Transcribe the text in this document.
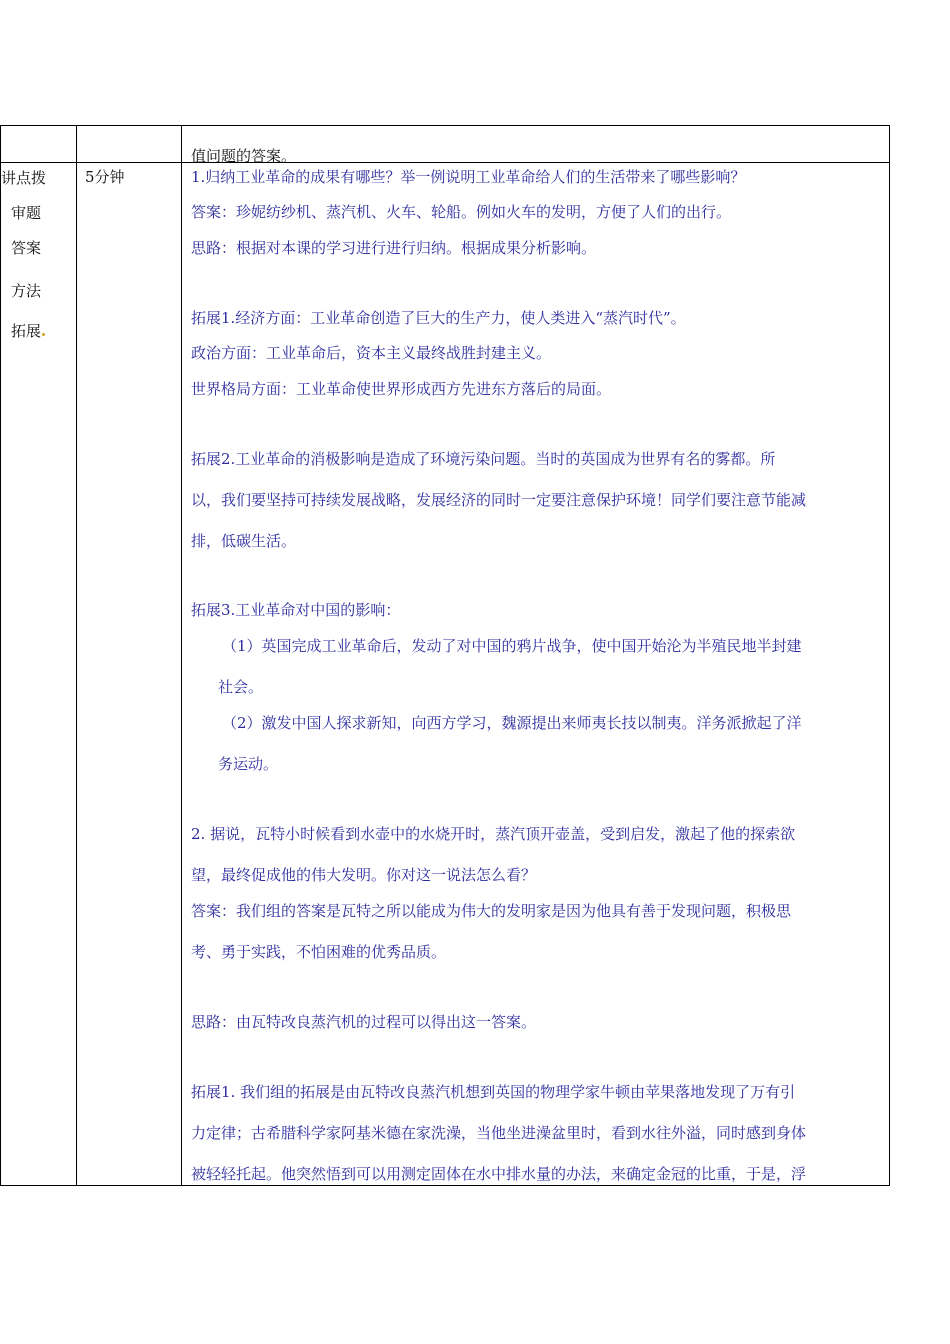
值问题的答案。
讲点拨
审题
答案
方法
拓展
5分钟	1.归纳工业革命的成果有哪些？举一例说明工业革命给人们的生活带来了哪些影响？
答案：珍妮纺纱机、蒸汽机、火车、轮船。例如火车的发明，方便了人们的出行。
思路：根据对本课的学习进行进行归纳。根据成果分析影响。
拓展1.经济方面：工业革命创造了巨大的生产力，使人类进入“蒸汽时代”。
政治方面：工业革命后，资本主义最终战胜封建主义。
世界格局方面：工业革命使世界形成西方先进东方落后的局面。
拓展2.工业革命的消极影响是造成了环境污染问题。当时的英国成为世界有名的雾都。所
以，我们要坚持可持续发展战略，发展经济的同时一定要注意保护环境！同学们要注意节能减
排，低碳生活。
拓展3.工业革命对中国的影响：
（1）英国完成工业革命后，发动了对中国的鸦片战争，使中国开始沦为半殖民地半封建
社会。
（2）激发中国人探求新知，向西方学习，魏源提出来师夷长技以制夷。洋务派掀起了洋
务运动。
2. 据说，瓦特小时候看到水壶中的水烧开时，蒸汽顶开壶盖，受到启发，激起了他的探索欲
望，最终促成他的伟大发明。你对这一说法怎么看？
答案：我们组的答案是瓦特之所以能成为伟大的发明家是因为他具有善于发现问题，积极思
考、勇于实践，不怕困难的优秀品质。
思路：由瓦特改良蒸汽机的过程可以得出这一答案。
拓展1. 我们组的拓展是由瓦特改良蒸汽机想到英国的物理学家牛顿由苹果落地发现了万有引
力定律；古希腊科学家阿基米德在家洗澡，当他坐进澡盆里时，看到水往外溢，同时感到身体
被轻轻托起。他突然悟到可以用测定固体在水中排水量的办法，来确定金冠的比重，于是，浮
